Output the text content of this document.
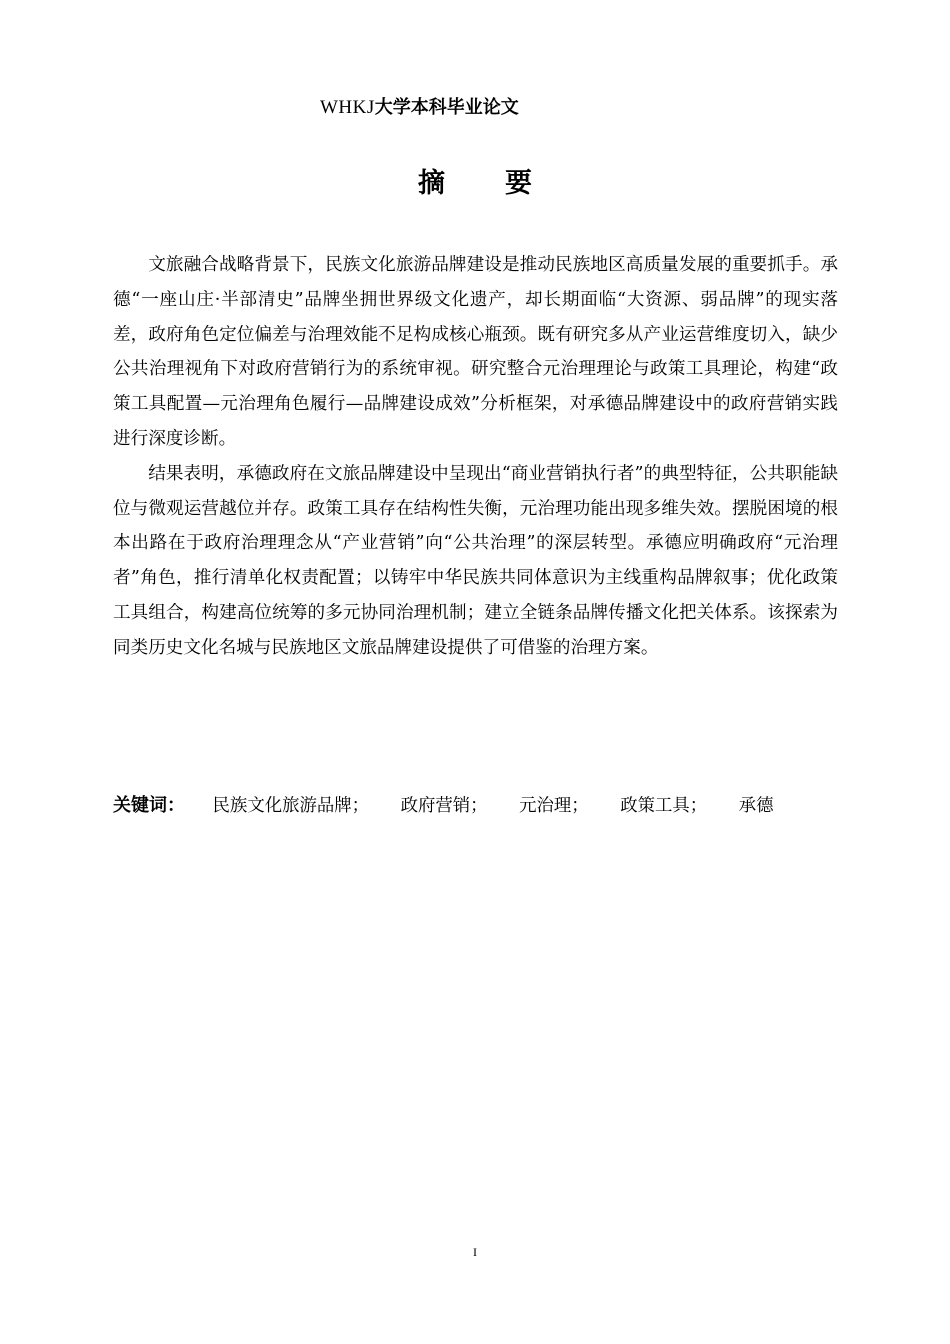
WHKJ大学本科毕业论文
摘 要

文旅融合战略背景下，民族文化旅游品牌建设是推动民族地区高质量发展的重要抓手。承德“一座山庄·半部清史”品牌坐拥世界级文化遗产，却长期面临“大资源、弱品牌”的现实落差，政府角色定位偏差与治理效能不足构成核心瓶颈。既有研究多从产业运营维度切入，缺少公共治理视角下对政府营销行为的系统审视。研究整合元治理理论与政策工具理论，构建“政策工具配置—元治理角色履行—品牌建设成效”分析框架，对承德品牌建设中的政府营销实践进行深度诊断。

结果表明，承德政府在文旅品牌建设中呈现出“商业营销执行者”的典型特征，公共职能缺位与微观运营越位并存。政策工具存在结构性失衡，元治理功能出现多维失效。摆脱困境的根本出路在于政府治理理念从“产业营销”向“公共治理”的深层转型。承德应明确政府“元治理者”角色，推行清单化权责配置；以铸牢中华民族共同体意识为主线重构品牌叙事；优化政策工具组合，构建高位统筹的多元协同治理机制；建立全链条品牌传播文化把关体系。该探索为同类历史文化名城与民族地区文旅品牌建设提供了可借鉴的治理方案。

关键词： 民族文化旅游品牌； 政府营销； 元治理； 政策工具； 承德
I
